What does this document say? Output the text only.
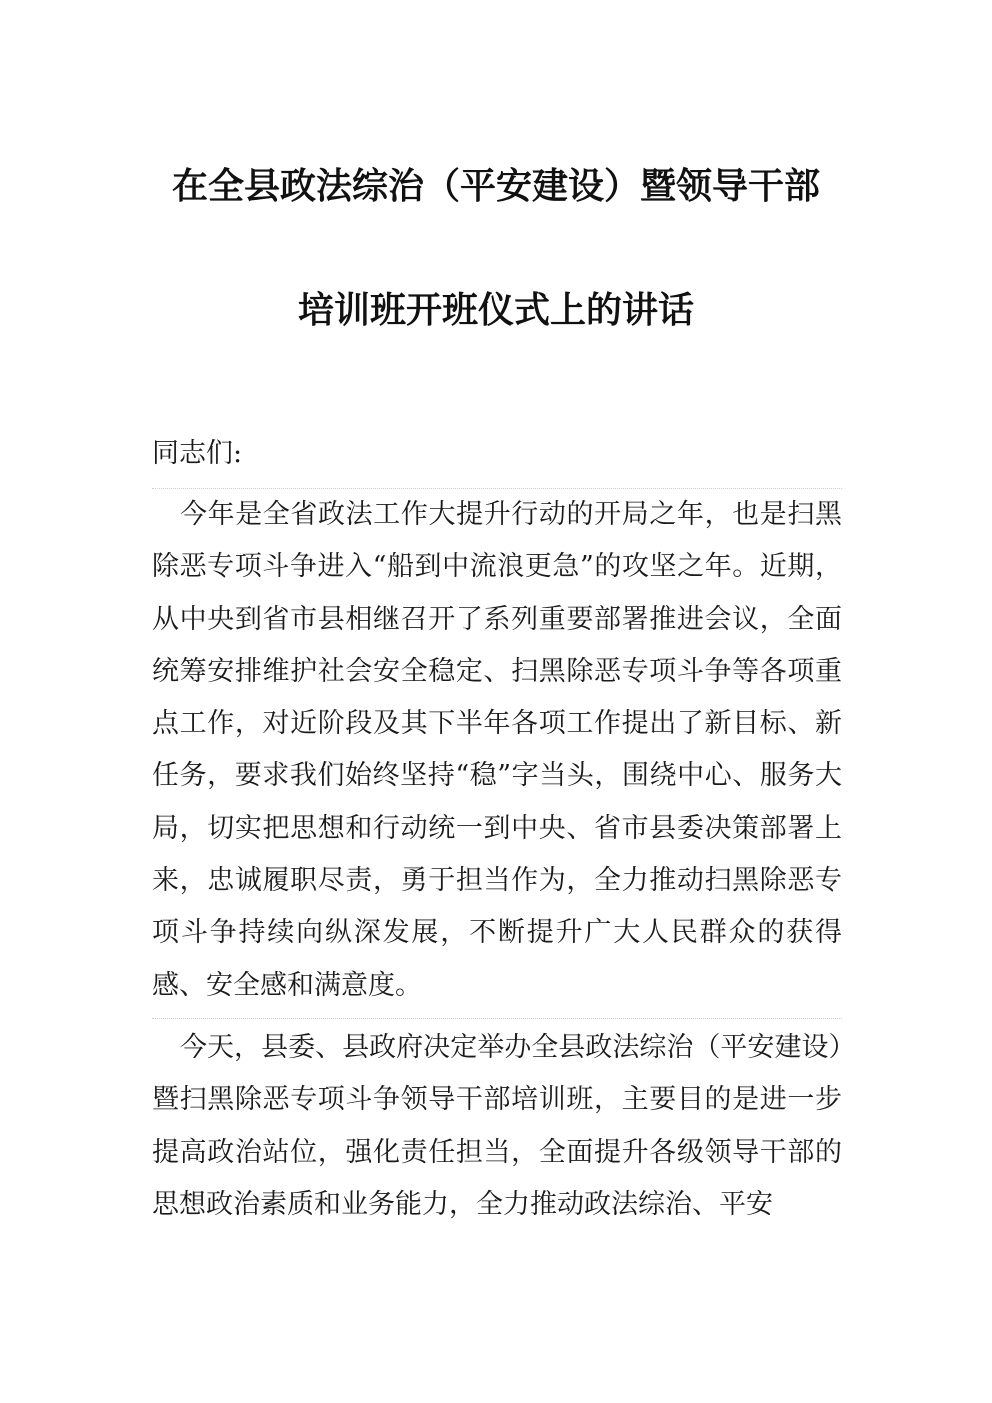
在全县政法综治（平安建设）暨领导干部
培训班开班仪式上的讲话
同志们:

今年是全省政法工作大提升行动的开局之年，也是扫黑除恶专项斗争进入“船到中流浪更急”的攻坚之年。近期，从中央到省市县相继召开了系列重要部署推进会议，全面统筹安排维护社会安全稳定、扫黑除恶专项斗争等各项重点工作，对近阶段及其下半年各项工作提出了新目标、新任务，要求我们始终坚持“稳”字当头，围绕中心、服务大局，切实把思想和行动统一到中央、省市县委决策部署上来，忠诚履职尽责，勇于担当作为，全力推动扫黑除恶专项斗争持续向纵深发展，不断提升广大人民群众的获得感、安全感和满意度。

今天，县委、县政府决定举办全县政法综治（平安建设）暨扫黑除恶专项斗争领导干部培训班，主要目的是进一步提高政治站位，强化责任担当，全面提升各级领导干部的思想政治素质和业务能力，全力推动政法综治、平安
